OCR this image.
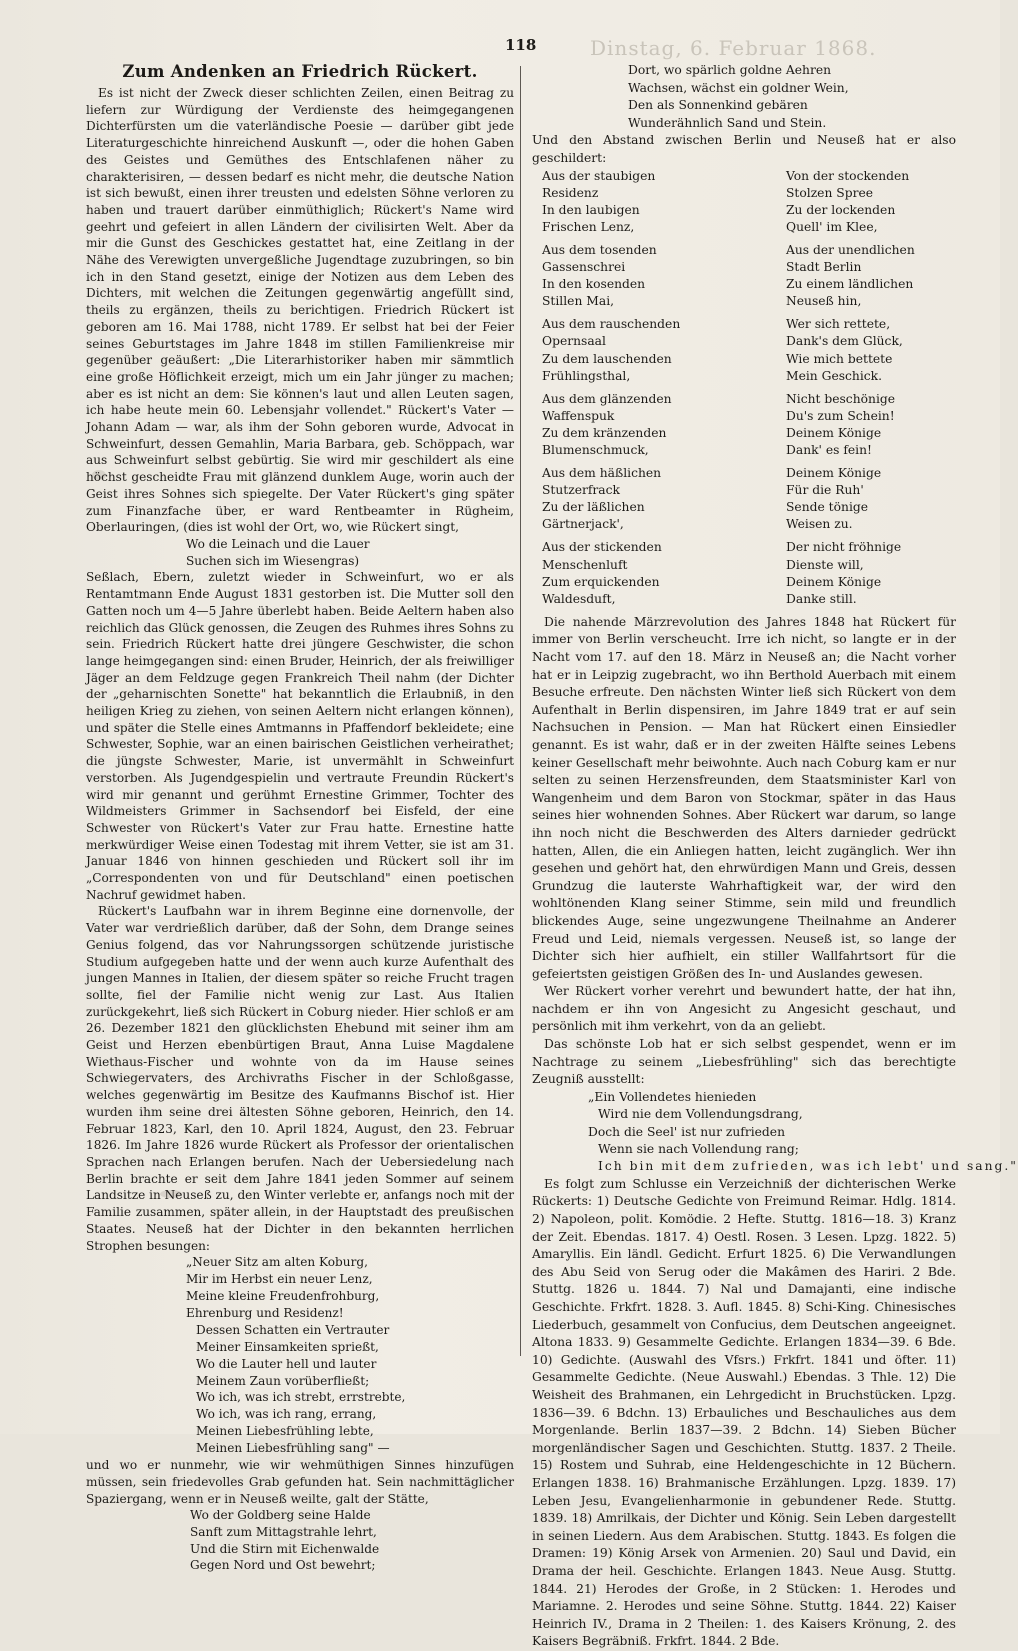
Dinstag, 6. Februar 1868.
118
Zum Andenken an Friedrich Rückert.

Es ist nicht der Zweck dieser schlichten Zeilen, einen Beitrag zu liefern zur Würdigung der Verdienste des heimgegangenen Dichterfürsten um die vaterländische Poesie — darüber gibt jede Literaturgeschichte hinreichend Auskunft —, oder die hohen Gaben des Geistes und Gemüthes des Entschlafenen näher zu charakterisiren, — dessen bedarf es nicht mehr, die deutsche Nation ist sich bewußt, einen ihrer treusten und edelsten Söhne verloren zu haben und trauert darüber einmüthiglich; Rückert's Name wird geehrt und gefeiert in allen Ländern der civilisirten Welt. Aber da mir die Gunst des Geschickes gestattet hat, eine Zeitlang in der Nähe des Verewigten unvergeßliche Jugendtage zuzubringen, so bin ich in den Stand gesetzt, einige der Notizen aus dem Leben des Dichters, mit welchen die Zeitungen gegenwärtig angefüllt sind, theils zu ergänzen, theils zu berichtigen. Friedrich Rückert ist geboren am 16. Mai 1788, nicht 1789. Er selbst hat bei der Feier seines Geburtstages im Jahre 1848 im stillen Familienkreise mir gegenüber geäußert: „Die Literarhistoriker haben mir sämmtlich eine große Höflichkeit erzeigt, mich um ein Jahr jünger zu machen; aber es ist nicht an dem: Sie können's laut und allen Leuten sagen, ich habe heute mein 60. Lebensjahr vollendet." Rückert's Vater — Johann Adam — war, als ihm der Sohn geboren wurde, Advocat in Schweinfurt, dessen Gemahlin, Maria Barbara, geb. Schöppach, war aus Schweinfurt selbst gebürtig. Sie wird mir geschildert als eine höchst gescheidte Frau mit glänzend dunklem Auge, worin auch der Geist ihres Sohnes sich spiegelte. Der Vater Rückert's ging später zum Finanzfache über, er ward Rentbeamter in Rügheim, Oberlauringen, (dies ist wohl der Ort, wo, wie Rückert singt,

Wo die Leinach und die Lauer
Suchen sich im Wiesengras)

Seßlach, Ebern, zuletzt wieder in Schweinfurt, wo er als Rentamtmann Ende August 1831 gestorben ist. Die Mutter soll den Gatten noch um 4—5 Jahre überlebt haben. Beide Aeltern haben also reichlich das Glück genossen, die Zeugen des Ruhmes ihres Sohns zu sein. Friedrich Rückert hatte drei jüngere Geschwister, die schon lange heimgegangen sind: einen Bruder, Heinrich, der als freiwilliger Jäger an dem Feldzuge gegen Frankreich Theil nahm (der Dichter der „geharnischten Sonette" hat bekanntlich die Erlaubniß, in den heiligen Krieg zu ziehen, von seinen Aeltern nicht erlangen können), und später die Stelle eines Amtmanns in Pfaffendorf bekleidete; eine Schwester, Sophie, war an einen bairischen Geistlichen verheirathet; die jüngste Schwester, Marie, ist unvermählt in Schweinfurt verstorben. Als Jugendgespielin und vertraute Freundin Rückert's wird mir genannt und gerühmt Ernestine Grimmer, Tochter des Wildmeisters Grimmer in Sachsendorf bei Eisfeld, der eine Schwester von Rückert's Vater zur Frau hatte. Ernestine hatte merkwürdiger Weise einen Todestag mit ihrem Vetter, sie ist am 31. Januar 1846 von hinnen geschieden und Rückert soll ihr im „Correspondenten von und für Deutschland" einen poetischen Nachruf gewidmet haben.

Rückert's Laufbahn war in ihrem Beginne eine dornenvolle, der Vater war verdrießlich darüber, daß der Sohn, dem Drange seines Genius folgend, das vor Nahrungssorgen schützende juristische Studium aufgegeben hatte und der wenn auch kurze Aufenthalt des jungen Mannes in Italien, der diesem später so reiche Frucht tragen sollte, fiel der Familie nicht wenig zur Last. Aus Italien zurückgekehrt, ließ sich Rückert in Coburg nieder. Hier schloß er am 26. Dezember 1821 den glücklichsten Ehebund mit seiner ihm am Geist und Herzen ebenbürtigen Braut, Anna Luise Magdalene Wiethaus-Fischer und wohnte von da im Hause seines Schwiegervaters, des Archivraths Fischer in der Schloßgasse, welches gegenwärtig im Besitze des Kaufmanns Bischof ist. Hier wurden ihm seine drei ältesten Söhne geboren, Heinrich, den 14. Februar 1823, Karl, den 10. April 1824, August, den 23. Februar 1826. Im Jahre 1826 wurde Rückert als Professor der orientalischen Sprachen nach Erlangen berufen. Nach der Uebersiedelung nach Berlin brachte er seit dem Jahre 1841 jeden Sommer auf seinem Landsitze in Neuseß zu, den Winter verlebte er, anfangs noch mit der Familie zusammen, später allein, in der Hauptstadt des preußischen Staates. Neuseß hat der Dichter in den bekannten herrlichen Strophen besungen:

„Neuer Sitz am alten Koburg,
Mir im Herbst ein neuer Lenz,
Meine kleine Freudenfrohburg,
Ehrenburg und Residenz!
Dessen Schatten ein Vertrauter
Meiner Einsamkeiten sprießt,
Wo die Lauter hell und lauter
Meinem Zaun vorüberfließt;
Wo ich, was ich strebt, errstrebte,
Wo ich, was ich rang, errang,
Meinen Liebesfrühling lebte,
Meinen Liebesfrühling sang" —

und wo er nunmehr, wie wir wehmüthigen Sinnes hinzufügen müssen, sein friedevolles Grab gefunden hat. Sein nachmittäglicher Spaziergang, wenn er in Neuseß weilte, galt der Stätte,

Wo der Goldberg seine Halde
Sanft zum Mittagstrahle lehrt,
Und die Stirn mit Eichenwalde
Gegen Nord und Ost bewehrt;
Dort, wo spärlich goldne Aehren
Wachsen, wächst ein goldner Wein,
Den als Sonnenkind gebären
Wunderähnlich Sand und Stein.

Und den Abstand zwischen Berlin und Neuseß hat er also geschildert:

Aus der staubigen
Residenz
In den laubigen
Frischen Lenz,
Von der stockenden
Stolzen Spree
Zu der lockenden
Quell' im Klee,
Aus dem tosenden
Gassenschrei
In den kosenden
Stillen Mai,
Aus der unendlichen
Stadt Berlin
Zu einem ländlichen
Neuseß hin,
Aus dem rauschenden
Opernsaal
Zu dem lauschenden
Frühlingsthal,
Wer sich rettete,
Dank's dem Glück,
Wie mich bettete
Mein Geschick.
Aus dem glänzenden
Waffenspuk
Zu dem kränzenden
Blumenschmuck,
Nicht beschönige
Du's zum Schein!
Deinem Könige
Dank' es fein!
Aus dem häßlichen
Stutzerfrack
Zu der läßlichen
Gärtnerjack',
Deinem Könige
Für die Ruh'
Sende tönige
Weisen zu.
Aus der stickenden
Menschenluft
Zum erquickenden
Waldesduft,
Der nicht fröhnige
Dienste will,
Deinem Könige
Danke still.

Die nahende Märzrevolution des Jahres 1848 hat Rückert für immer von Berlin verscheucht. Irre ich nicht, so langte er in der Nacht vom 17. auf den 18. März in Neuseß an; die Nacht vorher hat er in Leipzig zugebracht, wo ihn Berthold Auerbach mit einem Besuche erfreute. Den nächsten Winter ließ sich Rückert von dem Aufenthalt in Berlin dispensiren, im Jahre 1849 trat er auf sein Nachsuchen in Pension. — Man hat Rückert einen Einsiedler genannt. Es ist wahr, daß er in der zweiten Hälfte seines Lebens keiner Gesellschaft mehr beiwohnte. Auch nach Coburg kam er nur selten zu seinen Herzensfreunden, dem Staatsminister Karl von Wangenheim und dem Baron von Stockmar, später in das Haus seines hier wohnenden Sohnes. Aber Rückert war darum, so lange ihn noch nicht die Beschwerden des Alters darnieder gedrückt hatten, Allen, die ein Anliegen hatten, leicht zugänglich. Wer ihn gesehen und gehört hat, den ehrwürdigen Mann und Greis, dessen Grundzug die lauterste Wahrhaftigkeit war, der wird den wohltönenden Klang seiner Stimme, sein mild und freundlich blickendes Auge, seine ungezwungene Theilnahme an Anderer Freud und Leid, niemals vergessen. Neuseß ist, so lange der Dichter sich hier aufhielt, ein stiller Wallfahrtsort für die gefeiertsten geistigen Größen des In- und Auslandes gewesen.

Wer Rückert vorher verehrt und bewundert hatte, der hat ihn, nachdem er ihn von Angesicht zu Angesicht geschaut, und persönlich mit ihm verkehrt, von da an geliebt.

Das schönste Lob hat er sich selbst gespendet, wenn er im Nachtrage zu seinem „Liebesfrühling" sich das berechtigte Zeugniß ausstellt:

„Ein Vollendetes hienieden
Wird nie dem Vollendungsdrang,
Doch die Seel' ist nur zufrieden
Wenn sie nach Vollendung rang;
Ich bin mit dem zufrieden, was ich lebt' und sang."

Es folgt zum Schlusse ein Verzeichniß der dichterischen Werke Rückerts: 1) Deutsche Gedichte von Freimund Reimar. Hdlg. 1814. 2) Napoleon, polit. Komödie. 2 Hefte. Stuttg. 1816—18. 3) Kranz der Zeit. Ebendas. 1817. 4) Oestl. Rosen. 3 Lesen. Lpzg. 1822. 5) Amaryllis. Ein ländl. Gedicht. Erfurt 1825. 6) Die Verwandlungen des Abu Seid von Serug oder die Makâmen des Hariri. 2 Bde. Stuttg. 1826 u. 1844. 7) Nal und Damajanti, eine indische Geschichte. Frkfrt. 1828. 3. Aufl. 1845. 8) Schi-King. Chinesisches Liederbuch, gesammelt von Confucius, dem Deutschen angeeignet. Altona 1833. 9) Gesammelte Gedichte. Erlangen 1834—39. 6 Bde. 10) Gedichte. (Auswahl des Vfsrs.) Frkfrt. 1841 und öfter. 11) Gesammelte Gedichte. (Neue Auswahl.) Ebendas. 3 Thle. 12) Die Weisheit des Brahmanen, ein Lehrgedicht in Bruchstücken. Lpzg. 1836—39. 6 Bdchn. 13) Erbauliches und Beschauliches aus dem Morgenlande. Berlin 1837—39. 2 Bdchn. 14) Sieben Bücher morgenländischer Sagen und Geschichten. Stuttg. 1837. 2 Theile. 15) Rostem und Suhrab, eine Heldengeschichte in 12 Büchern. Erlangen 1838. 16) Brahmanische Erzählungen. Lpzg. 1839. 17) Leben Jesu, Evangelienharmonie in gebundener Rede. Stuttg. 1839. 18) Amrilkais, der Dichter und König. Sein Leben dargestellt in seinen Liedern. Aus dem Arabischen. Stuttg. 1843. Es folgen die Dramen: 19) König Arsek von Armenien. 20) Saul und David, ein Drama der heil. Geschichte. Erlangen 1843. Neue Ausg. Stuttg. 1844. 21) Herodes der Große, in 2 Stücken: 1. Herodes und Mariamne. 2. Herodes und seine Söhne. Stuttg. 1844. 22) Kaiser Heinrich IV., Drama in 2 Theilen: 1. des Kaisers Krönung, 2. des Kaisers Begräbniß. Frkfrt. 1844. 2 Bde.
